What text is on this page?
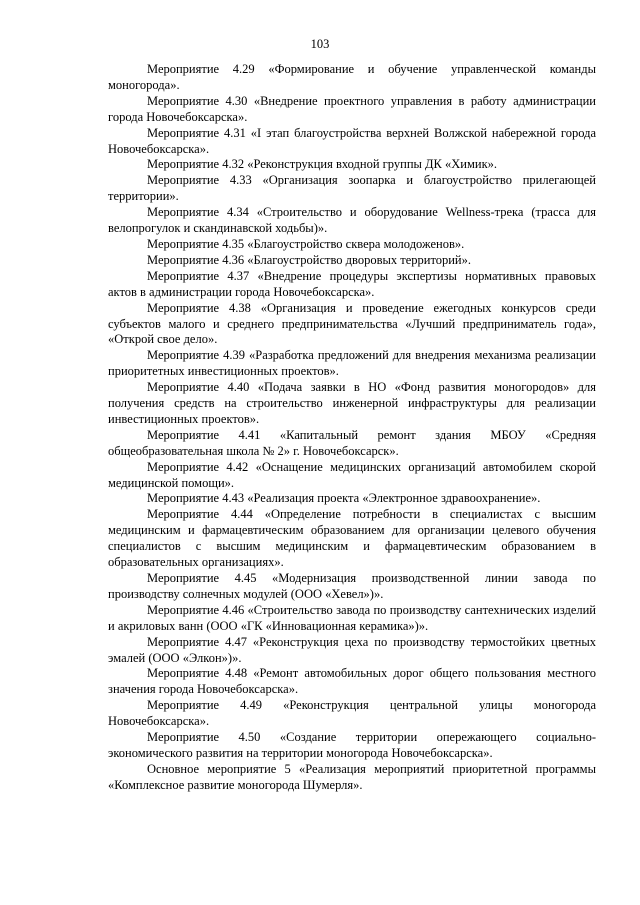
103

Мероприятие 4.29 «Формирование и обучение управленческой команды моногорода».

Мероприятие 4.30 «Внедрение проектного управления в работу администрации города Новочебоксарска».

Мероприятие 4.31 «I этап благоустройства верхней Волжской набережной города Новочебоксарска».

Мероприятие 4.32 «Реконструкция входной группы ДК «Химик».

Мероприятие 4.33 «Организация зоопарка и благоустройство прилегающей территории».

Мероприятие 4.34 «Строительство и оборудование Wellness-трека (трасса для велопрогулок и скандинавской ходьбы)».

Мероприятие 4.35 «Благоустройство сквера молодоженов».

Мероприятие 4.36 «Благоустройство дворовых территорий».

Мероприятие 4.37 «Внедрение процедуры экспертизы нормативных правовых актов в администрации города Новочебоксарска».

Мероприятие 4.38 «Организация и проведение ежегодных конкурсов среди субъектов малого и среднего предпринимательства «Лучший предприниматель года», «Открой свое дело».

Мероприятие 4.39 «Разработка предложений для внедрения механизма реализации приоритетных инвестиционных проектов».

Мероприятие 4.40 «Подача заявки в НО «Фонд развития моногородов» для получения средств на строительство инженерной инфраструктуры для реализации инвестиционных проектов».

Мероприятие 4.41 «Капитальный ремонт здания МБОУ «Средняя общеобразовательная школа № 2» г. Новочебоксарск».

Мероприятие 4.42 «Оснащение медицинских организаций автомобилем скорой медицинской помощи».

Мероприятие 4.43 «Реализация проекта «Электронное здравоохранение».

Мероприятие 4.44 «Определение потребности в специалистах с высшим медицинским и фармацевтическим образованием для организации целевого обучения специалистов с высшим медицинским и фармацевтическим образованием в образовательных организациях».

Мероприятие 4.45 «Модернизация производственной линии завода по производству солнечных модулей (ООО «Хевел»)».

Мероприятие 4.46 «Строительство завода по производству сантехнических изделий и акриловых ванн (ООО «ГК «Инновационная керамика»)».

Мероприятие 4.47 «Реконструкция цеха по производству термостойких цветных эмалей (ООО «Элкон»)».

Мероприятие 4.48 «Ремонт автомобильных дорог общего пользования местного значения города Новочебоксарска».

Мероприятие 4.49 «Реконструкция центральной улицы моногорода Новочебоксарска».

Мероприятие 4.50 «Создание территории опережающего социально-экономического развития на территории моногорода Новочебоксарска».

Основное мероприятие 5 «Реализация мероприятий приоритетной программы «Комплексное развитие моногорода Шумерля».
